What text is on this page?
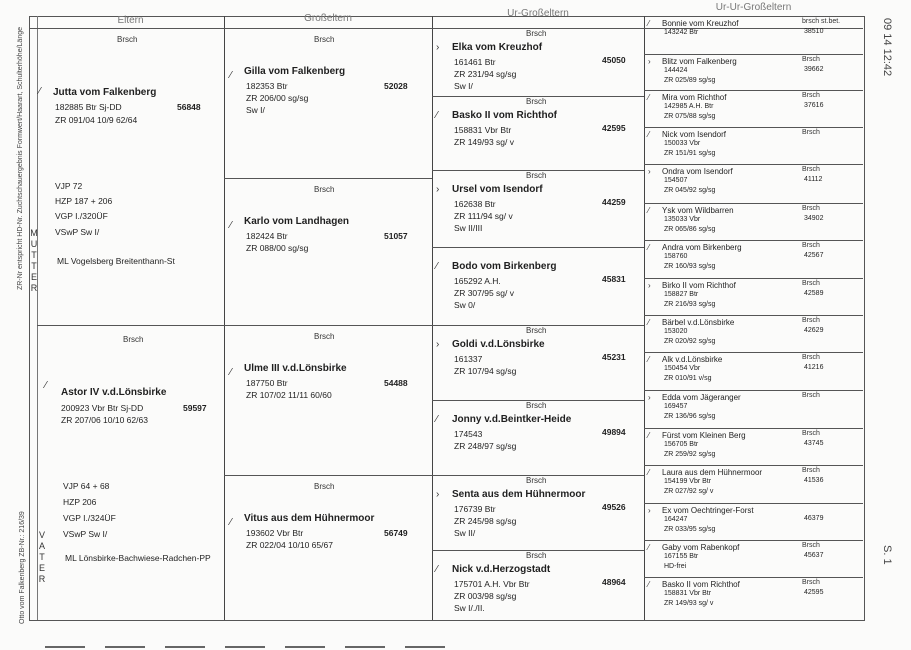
Eltern	Großeltern	Ur-Großeltern
Ur-Ur-Großeltern
ZR-Nr entspricht HD-Nr. Zuchtschauergebnis Formwert/Haarart, Schulterhöhe/Länge
Otto vom Falkenberg ZB-Nr.: 216/39
M
U
T
T
E
R
V
A
T
E
R
09 14 12:42
S. 1
Brsch
⁄ Jutta vom Falkenberg
182885 Btr Sj-DD	56848
ZR 091/04 10/9 62/64
VJP 72
HZP 187 + 206
VGP I./320ÜF
VSwP Sw I/
ML Vogelsberg Breitenthann-St
Brsch
⁄
Astor IV v.d.Lönsbirke
200923 Vbr Btr Sj-DD	59597
ZR 207/06 10/10 62/63
VJP 64 + 68
HZP 206
VGP I./324ÜF
VSwP Sw I/
ML Lönsbirke-Bachwiese-Radchen-PP
Brsch
⁄ Gilla vom Falkenberg
182353 Btr	52028
ZR 206/00 sg/sg
Sw I/
Brsch
⁄ Karlo vom Landhagen
182424 Btr	51057
ZR 088/00 sg/sg
Brsch
⁄ Ulme III v.d.Lönsbirke
187750 Btr	54488
ZR 107/02 11/11 60/60
Brsch
⁄ Vitus aus dem Hühnermoor
193602 Vbr Btr	56749
ZR 022/04 10/10 65/67
Brsch
› Elka vom Kreuzhof
161461 Btr	45050
ZR 231/94 sg/sg
Sw I/
Brsch
⁄ Basko II vom Richthof
158831 Vbr Btr	42595
ZR 149/93 sg/ v
Brsch
› Ursel vom Isendorf
162638 Btr	44259
ZR 111/94 sg/ v
Sw II/III
⁄ Bodo vom Birkenberg
165292 A.H.	45831
ZR 307/95 sg/ v
Sw 0/
Brsch
› Goldi v.d.Lönsbirke
161337	45231
ZR 107/94 sg/sg
Brsch
⁄ Jonny v.d.Beintker-Heide
174543	49894
ZR 248/97 sg/sg
Brsch
› Senta aus dem Hühnermoor
176739 Btr	49526
ZR 245/98 sg/sg
Sw II/
Brsch
⁄ Nick v.d.Herzogstadt
175701 A.H. Vbr Btr	48964
ZR 003/98 sg/sg
Sw I/./II.
⁄ Bonnie vom Kreuzhof	brsch st.bet.
143242 Btr	38510
› Blitz vom Falkenberg	Brsch
144424	39662
ZR 025/89 sg/sg
⁄ Mira vom Richthof	Brsch
142985 A.H. Btr	37616
ZR 075/88 sg/sg
⁄ Nick vom Isendorf	Brsch
150033 Vbr
ZR 151/91 sg/sg
› Ondra vom Isendorf	Brsch
154507	41112
ZR 045/92 sg/sg
⁄ Ysk vom Wildbarren	Brsch
135033 Vbr	34902
ZR 065/86 sg/sg
⁄ Andra vom Birkenberg	Brsch
158760	42567
ZR 160/93 sg/sg
› Birko II vom Richthof	Brsch
158827 Btr	42589
ZR 216/93 sg/sg
⁄ Bärbel v.d.Lönsbirke	Brsch
153020	42629
ZR 020/92 sg/sg
⁄ Alk v.d.Lönsbirke	Brsch
150454 Vbr	41216
ZR 010/91 v/sg
› Edda vom Jägeranger	Brsch
169457
ZR 136/96 sg/sg
⁄ Fürst vom Kleinen Berg	Brsch
156705 Btr	43745
ZR 259/92 sg/sg
⁄ Laura aus dem Hühnermoor	Brsch
154199 Vbr Btr	41536
ZR 027/92 sg/ v
› Ex vom Oechtringer-Forst
164247	46379
ZR 033/95 sg/sg
⁄ Gaby vom Rabenkopf	Brsch
167155 Btr	45637
HD-frei
⁄ Basko II vom Richthof	Brsch
158831 Vbr Btr	42595
ZR 149/93 sg/ v
